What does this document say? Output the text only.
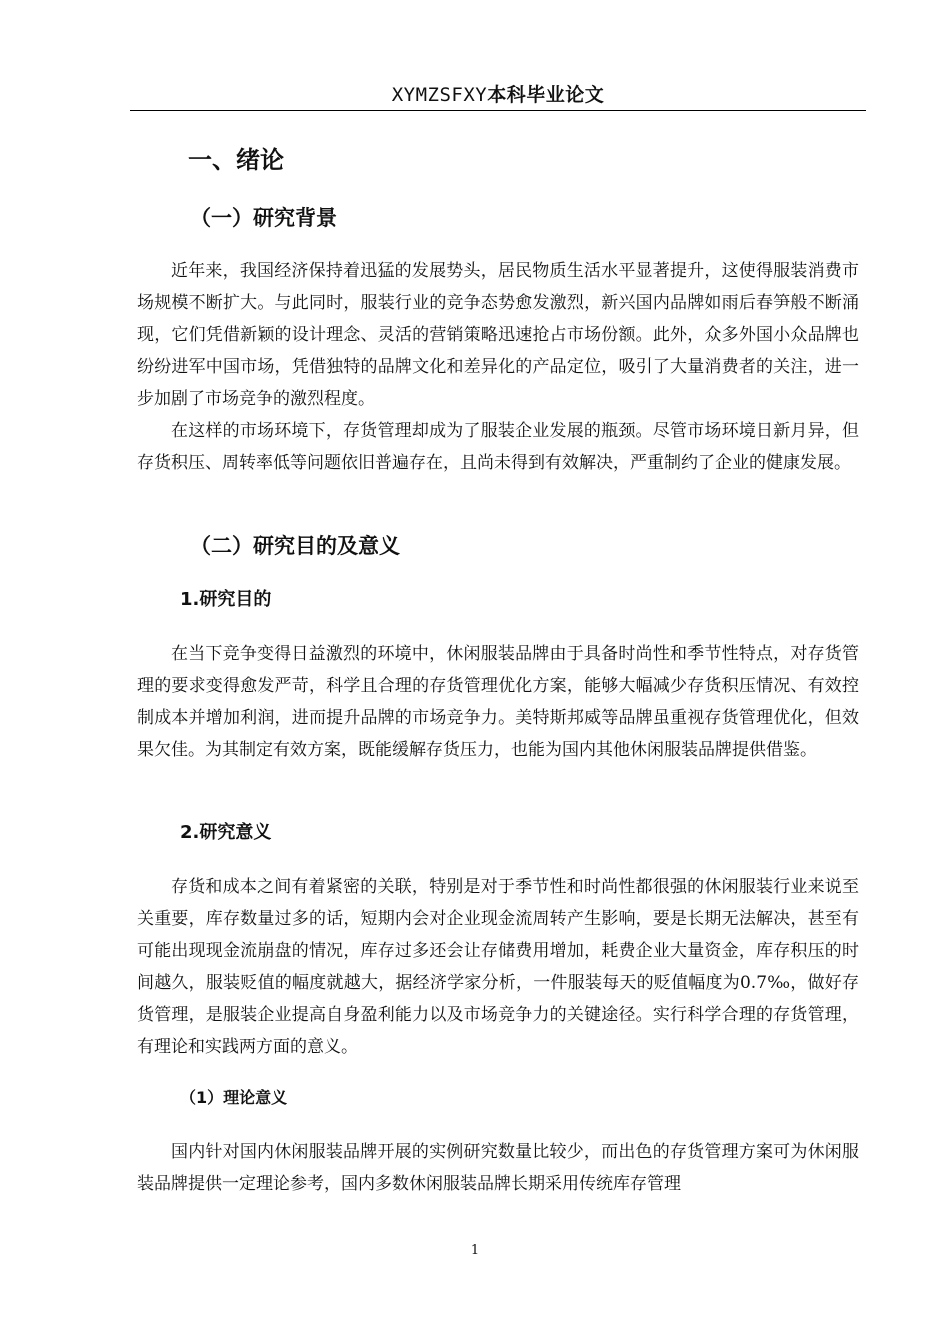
XYMZSFXY本科毕业论文
一、绪论
（一）研究背景

近年来，我国经济保持着迅猛的发展势头，居民物质生活水平显著提升，这使得服装消费市场规模不断扩大。与此同时，服装行业的竞争态势愈发激烈，新兴国内品牌如雨后春笋般不断涌现，它们凭借新颖的设计理念、灵活的营销策略迅速抢占市场份额。此外，众多外国小众品牌也纷纷进军中国市场，凭借独特的品牌文化和差异化的产品定位，吸引了大量消费者的关注，进一步加剧了市场竞争的激烈程度。

在这样的市场环境下，存货管理却成为了服装企业发展的瓶颈。尽管市场环境日新月异，但存货积压、周转率低等问题依旧普遍存在，且尚未得到有效解决，严重制约了企业的健康发展。

（二）研究目的及意义
1.研究目的

在当下竞争变得日益激烈的环境中，休闲服装品牌由于具备时尚性和季节性特点，对存货管理的要求变得愈发严苛，科学且合理的存货管理优化方案，能够大幅减少存货积压情况、有效控制成本并增加利润，进而提升品牌的市场竞争力。美特斯邦威等品牌虽重视存货管理优化，但效果欠佳。为其制定有效方案，既能缓解存货压力，也能为国内其他休闲服装品牌提供借鉴。

2.研究意义

存货和成本之间有着紧密的关联，特别是对于季节性和时尚性都很强的休闲服装行业来说至关重要，库存数量过多的话，短期内会对企业现金流周转产生影响，要是长期无法解决，甚至有可能出现现金流崩盘的情况，库存过多还会让存储费用增加，耗费企业大量资金，库存积压的时间越久，服装贬值的幅度就越大，据经济学家分析，一件服装每天的贬值幅度为0.7‰，做好存货管理，是服装企业提高自身盈利能力以及市场竞争力的关键途径。实行科学合理的存货管理，有理论和实践两方面的意义。

（1）理论意义

国内针对国内休闲服装品牌开展的实例研究数量比较少，而出色的存货管理方案可为休闲服装品牌提供一定理论参考，国内多数休闲服装品牌长期采用传统库存管理

1
